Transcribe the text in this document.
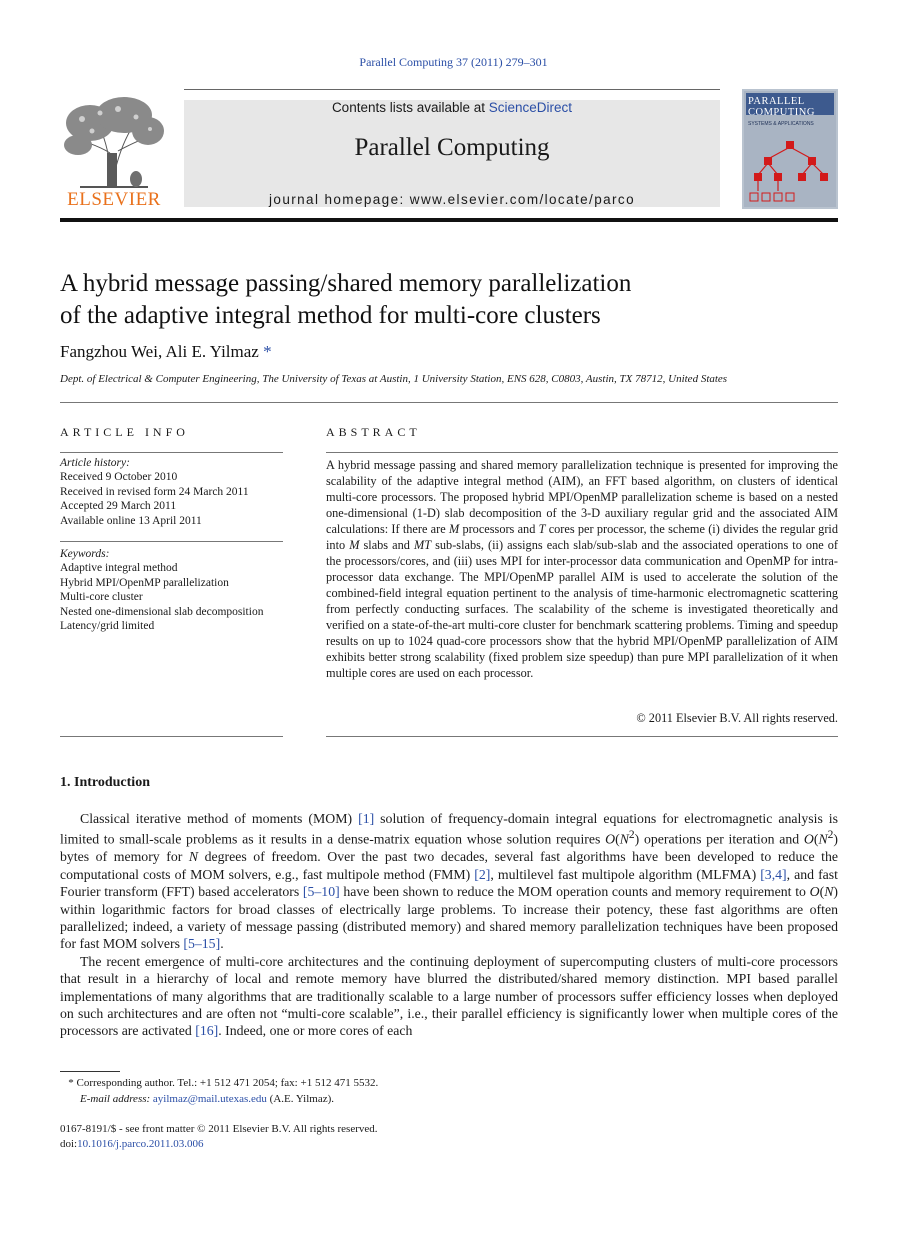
Parallel Computing 37 (2011) 279–301
ELSEVIER
Contents lists available at ScienceDirect
Parallel Computing
journal homepage: www.elsevier.com/locate/parco
PARALLEL COMPUTING
SYSTEMS & APPLICATIONS
A hybrid message passing/shared memory parallelization
of the adaptive integral method for multi-core clusters
Fangzhou Wei, Ali E. Yilmaz *
Dept. of Electrical & Computer Engineering, The University of Texas at Austin, 1 University Station, ENS 628, C0803, Austin, TX 78712, United States
ARTICLE INFO	ABSTRACT
Article history:
Received 9 October 2010
Received in revised form 24 March 2011
Accepted 29 March 2011
Available online 13 April 2011
Keywords:
Adaptive integral method
Hybrid MPI/OpenMP parallelization
Multi-core cluster
Nested one-dimensional slab decomposition
Latency/grid limited
A hybrid message passing and shared memory parallelization technique is presented for improving the scalability of the adaptive integral method (AIM), an FFT based algorithm, on clusters of identical multi-core processors. The proposed hybrid MPI/OpenMP parallelization scheme is based on a nested one-dimensional (1-D) slab decomposition of the 3-D auxiliary regular grid and the associated AIM calculations: If there are M processors and T cores per processor, the scheme (i) divides the regular grid into M slabs and MT sub-slabs, (ii) assigns each slab/sub-slab and the associated operations to one of the processors/cores, and (iii) uses MPI for inter-processor data communication and OpenMP for intra-processor data exchange. The MPI/OpenMP parallel AIM is used to accelerate the solution of the combined-field integral equation pertinent to the analysis of time-harmonic electromagnetic scattering from perfectly conducting surfaces. The scalability of the scheme is investigated theoretically and verified on a state-of-the-art multi-core cluster for benchmark scattering problems. Timing and speedup results on up to 1024 quad-core processors show that the hybrid MPI/OpenMP parallelization of AIM exhibits better strong scalability (fixed problem size speedup) than pure MPI parallelization of it when multiple cores are used on each processor.
© 2011 Elsevier B.V. All rights reserved.
1. Introduction

Classical iterative method of moments (MOM) [1] solution of frequency-domain integral equations for electromagnetic analysis is limited to small-scale problems as it results in a dense-matrix equation whose solution requires $O(N^2)$ operations per iteration and $O(N^2)$ bytes of memory for N degrees of freedom. Over the past two decades, several fast algorithms have been developed to reduce the computational costs of MOM solvers, e.g., fast multipole method (FMM) [2], multilevel fast multipole algorithm (MLFMA) [3,4], and fast Fourier transform (FFT) based accelerators [5–10] have been shown to reduce the MOM operation counts and memory requirement to O(N) within logarithmic factors for broad classes of electrically large problems. To increase their potency, these fast algorithms are often parallelized; indeed, a variety of message passing (distributed memory) and shared memory parallelization techniques have been proposed for fast MOM solvers [5–15].

The recent emergence of multi-core architectures and the continuing deployment of supercomputing clusters of multi-core processors that result in a hierarchy of local and remote memory have blurred the distributed/shared memory distinction. MPI based parallel implementations of many algorithms that are traditionally scalable to a large number of processors suffer efficiency losses when deployed on such architectures and are often not “multi-core scalable”, i.e., their parallel efficiency is significantly lower when multiple cores of the processors are activated [16]. Indeed, one or more cores of each

* Corresponding author. Tel.: +1 512 471 2054; fax: +1 512 471 5532.
E-mail address: ayilmaz@mail.utexas.edu (A.E. Yilmaz).
0167-8191/$ - see front matter © 2011 Elsevier B.V. All rights reserved.
doi:10.1016/j.parco.2011.03.006
